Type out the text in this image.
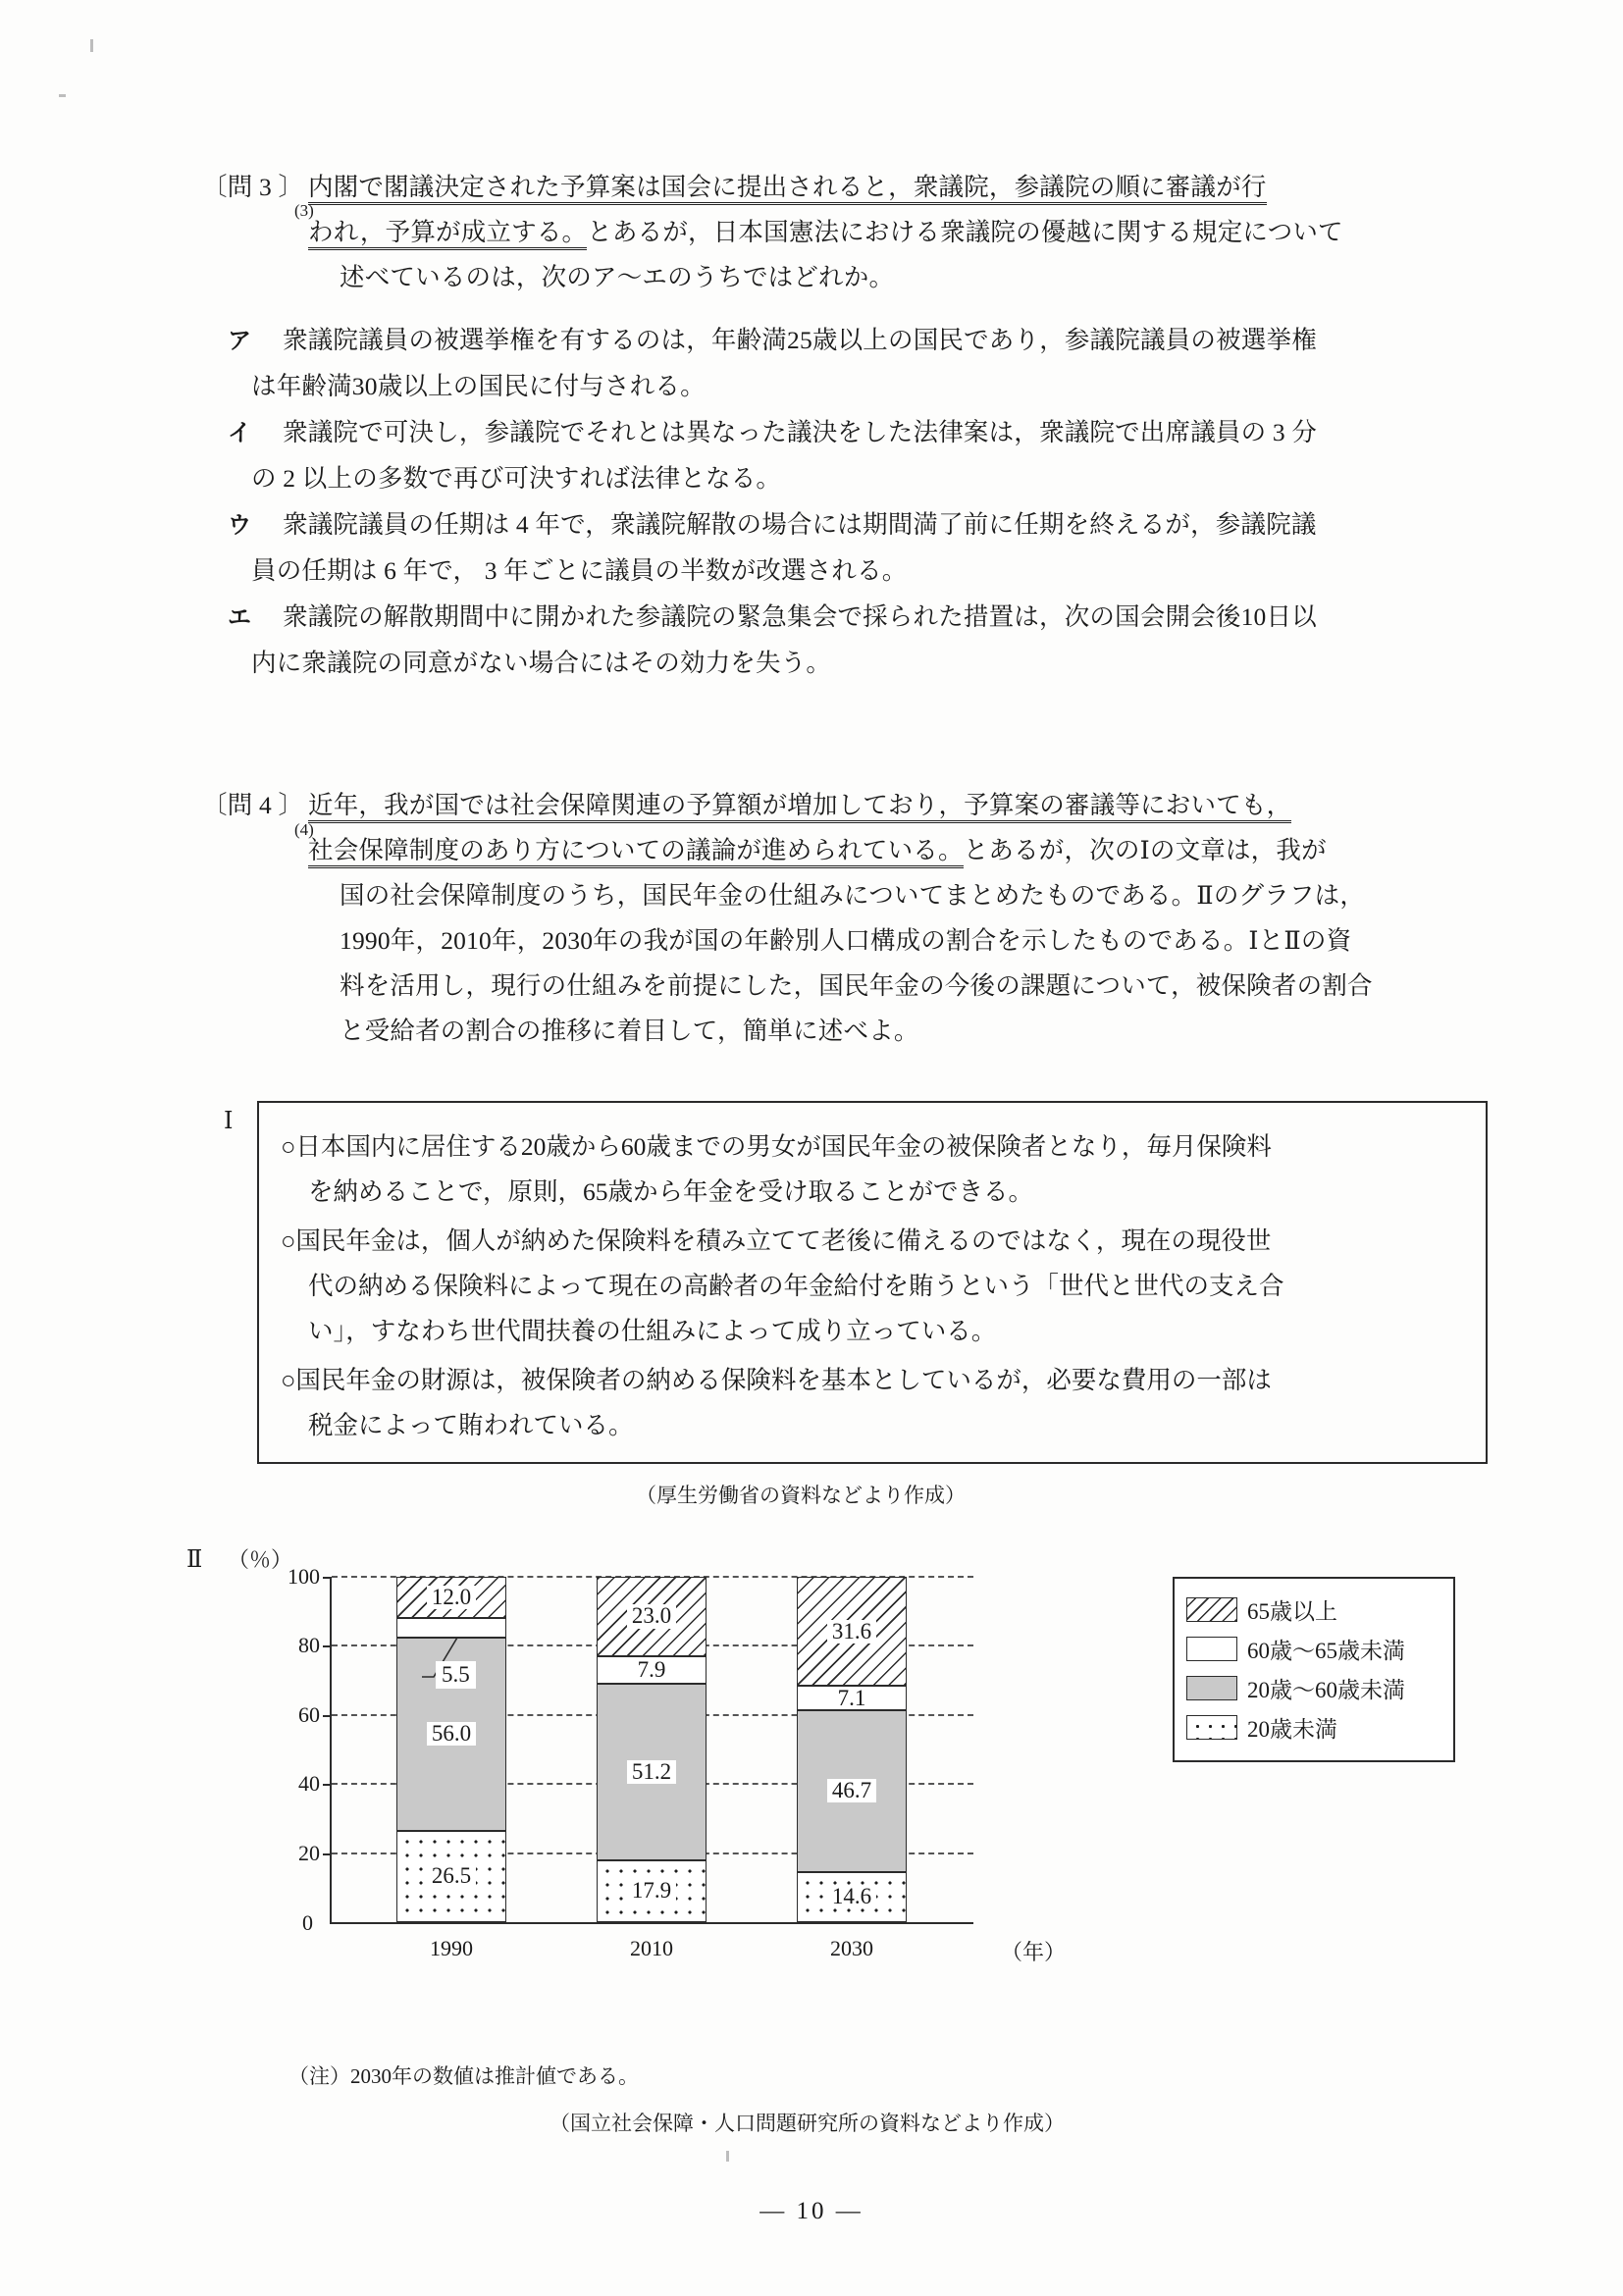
〔問 3 〕 内閣で閣議決定された予算案は国会に提出されると，衆議院，参議院の順に審議が行
われ，予算が成立する。とあるが，日本国憲法における衆議院の優越に関する規定について
述べているのは，次のア～エのうちではどれか。
(3)
ア 衆議院議員の被選挙権を有するのは，年齢満25歳以上の国民であり，参議院議員の被選挙権
は年齢満30歳以上の国民に付与される。
イ 衆議院で可決し，参議院でそれとは異なった議決をした法律案は，衆議院で出席議員の 3 分
の 2 以上の多数で再び可決すれば法律となる。
ウ 衆議院議員の任期は 4 年で，衆議院解散の場合には期間満了前に任期を終えるが，参議院議
員の任期は 6 年で， 3 年ごとに議員の半数が改選される。
エ 衆議院の解散期間中に開かれた参議院の緊急集会で採られた措置は，次の国会開会後10日以
内に衆議院の同意がない場合にはその効力を失う。
〔問 4 〕 近年，我が国では社会保障関連の予算額が増加しており，予算案の審議等においても，
社会保障制度のあり方についての議論が進められている。とあるが，次のⅠの文章は，我が
国の社会保障制度のうち，国民年金の仕組みについてまとめたものである。Ⅱのグラフは，
1990年，2010年，2030年の我が国の年齢別人口構成の割合を示したものである。ⅠとⅡの資
料を活用し，現行の仕組みを前提にした，国民年金の今後の課題について，被保険者の割合
と受給者の割合の推移に着目して，簡単に述べよ。
(4)
Ⅰ
○日本国内に居住する20歳から60歳までの男女が国民年金の被保険者となり，毎月保険料
を納めることで，原則，65歳から年金を受け取ることができる。
○国民年金は，個人が納めた保険料を積み立てて老後に備えるのではなく，現在の現役世
代の納める保険料によって現在の高齢者の年金給付を賄うという「世代と世代の支え合
い」，すなわち世代間扶養の仕組みによって成り立っている。
○国民年金の財源は，被保険者の納める保険料を基本としているが，必要な費用の一部は
税金によって賄われている。
（厚生労働省の資料などより作成）
Ⅱ （％）
0
（年）
20
40
60
80
100
12.0
56.0
26.5
5.5
23.0
7.9
51.2
17.9
31.6
7.1
46.7
14.6
1990	2010	2030
65歳以上
60歳～65歳未満
20歳～60歳未満
20歳未満
（注）2030年の数値は推計値である。
（国立社会保障・人口問題研究所の資料などより作成）
— 10 —
